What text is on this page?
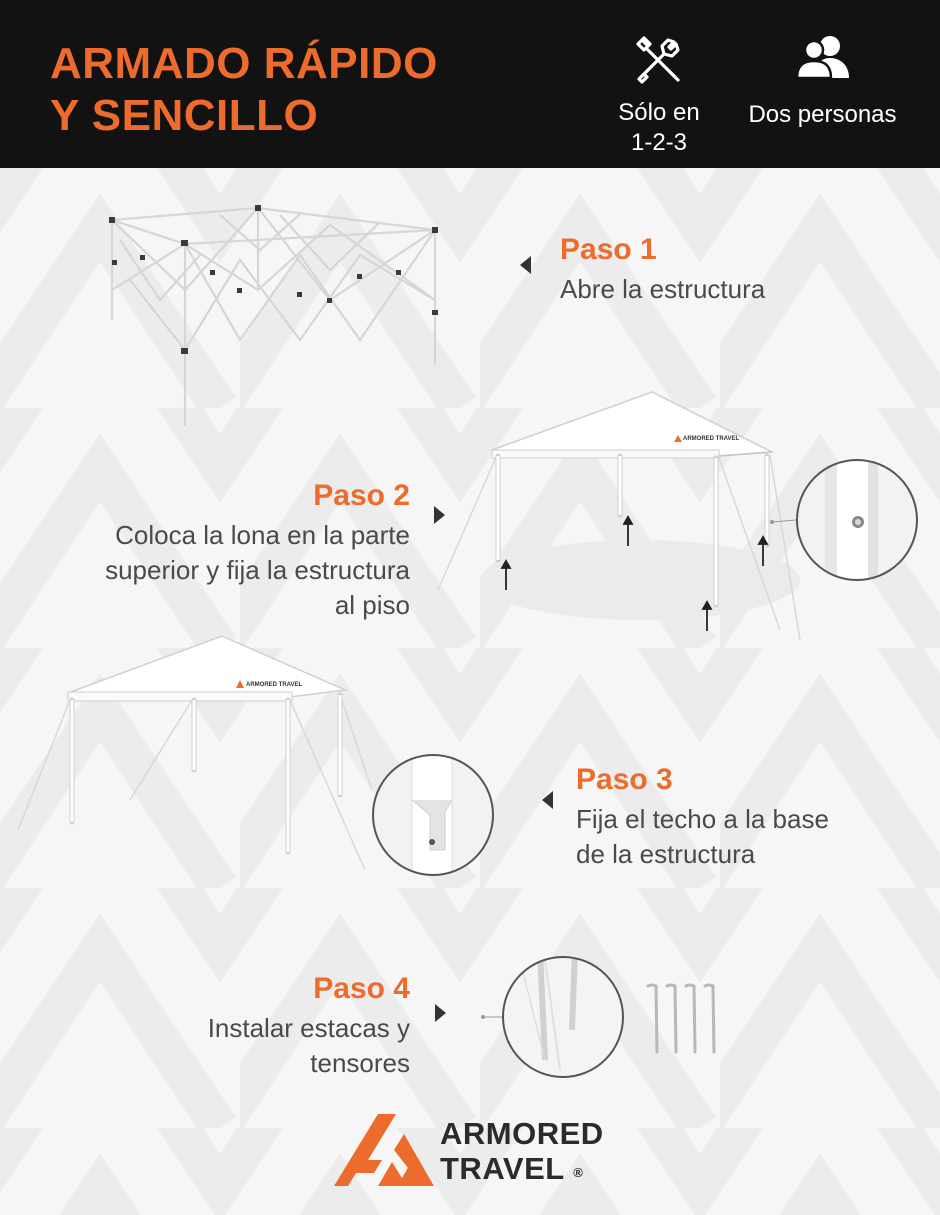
ARMADO RÁPIDO
Y SENCILLO	Sólo en
1-2-3
Dos personas
Paso 1
Abre la estructura
ARMORED TRAVEL
Paso 2
Coloca la lona en la parte
superior y fija la estructura
al piso
ARMORED TRAVEL
Paso 3
Fija el techo a la base
de la estructura
Paso 4
Instalar estacas y
tensores
ARMORED
TRAVEL ®
